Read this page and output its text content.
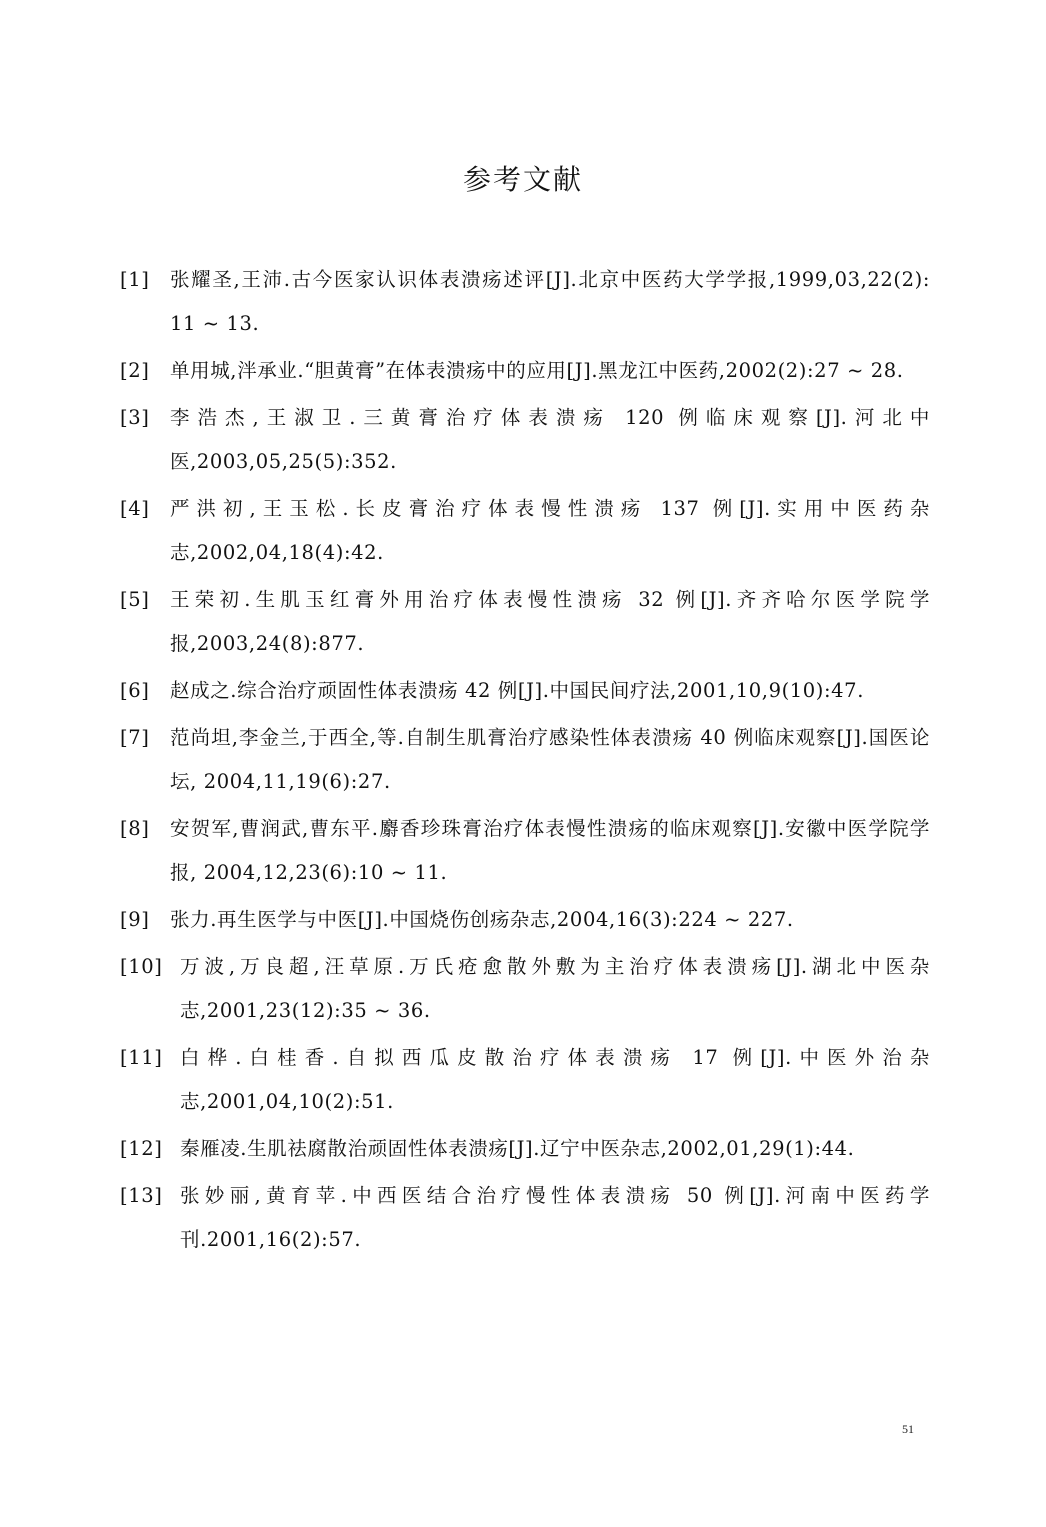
参考文献
[1] 张耀圣,王沛.古今医家认识体表溃疡述评[J].北京中医药大学学报,1999,03,22(2): 11 ~ 13.
[2] 单用城,泮承业.“胆黄膏”在体表溃疡中的应用[J].黑龙江中医药,2002(2):27 ~ 28.
[3] 李浩杰,王淑卫.三黄膏治疗体表溃疡 120 例临床观察[J].河北中医,2003,05,25(5):352.
[4] 严洪初,王玉松.长皮膏治疗体表慢性溃疡 137 例[J].实用中医药杂志,2002,04,18(4):42.
[5] 王荣初.生肌玉红膏外用治疗体表慢性溃疡 32 例[J].齐齐哈尔医学院学报,2003,24(8):877.
[6] 赵成之.综合治疗顽固性体表溃疡 42 例[J].中国民间疗法,2001,10,9(10):47.
[7] 范尚坦,李金兰,于西全,等.自制生肌膏治疗感染性体表溃疡 40 例临床观察[J].国医论坛, 2004,11,19(6):27.
[8] 安贺军,曹润武,曹东平.麝香珍珠膏治疗体表慢性溃疡的临床观察[J].安徽中医学院学报, 2004,12,23(6):10 ~ 11.
[9] 张力.再生医学与中医[J].中国烧伤创疡杂志,2004,16(3):224 ~ 227.
[10] 万波,万良超,汪草原.万氏疮愈散外敷为主治疗体表溃疡[J].湖北中医杂志,2001,23(12):35 ~ 36.
[11] 白桦.白桂香.自拟西瓜皮散治疗体表溃疡 17 例[J].中医外治杂志,2001,04,10(2):51.
[12] 秦雁凌.生肌祛腐散治顽固性体表溃疡[J].辽宁中医杂志,2002,01,29(1):44.
[13] 张妙丽,黄育苹.中西医结合治疗慢性体表溃疡 50 例[J].河南中医药学刊.2001,16(2):57.
51
